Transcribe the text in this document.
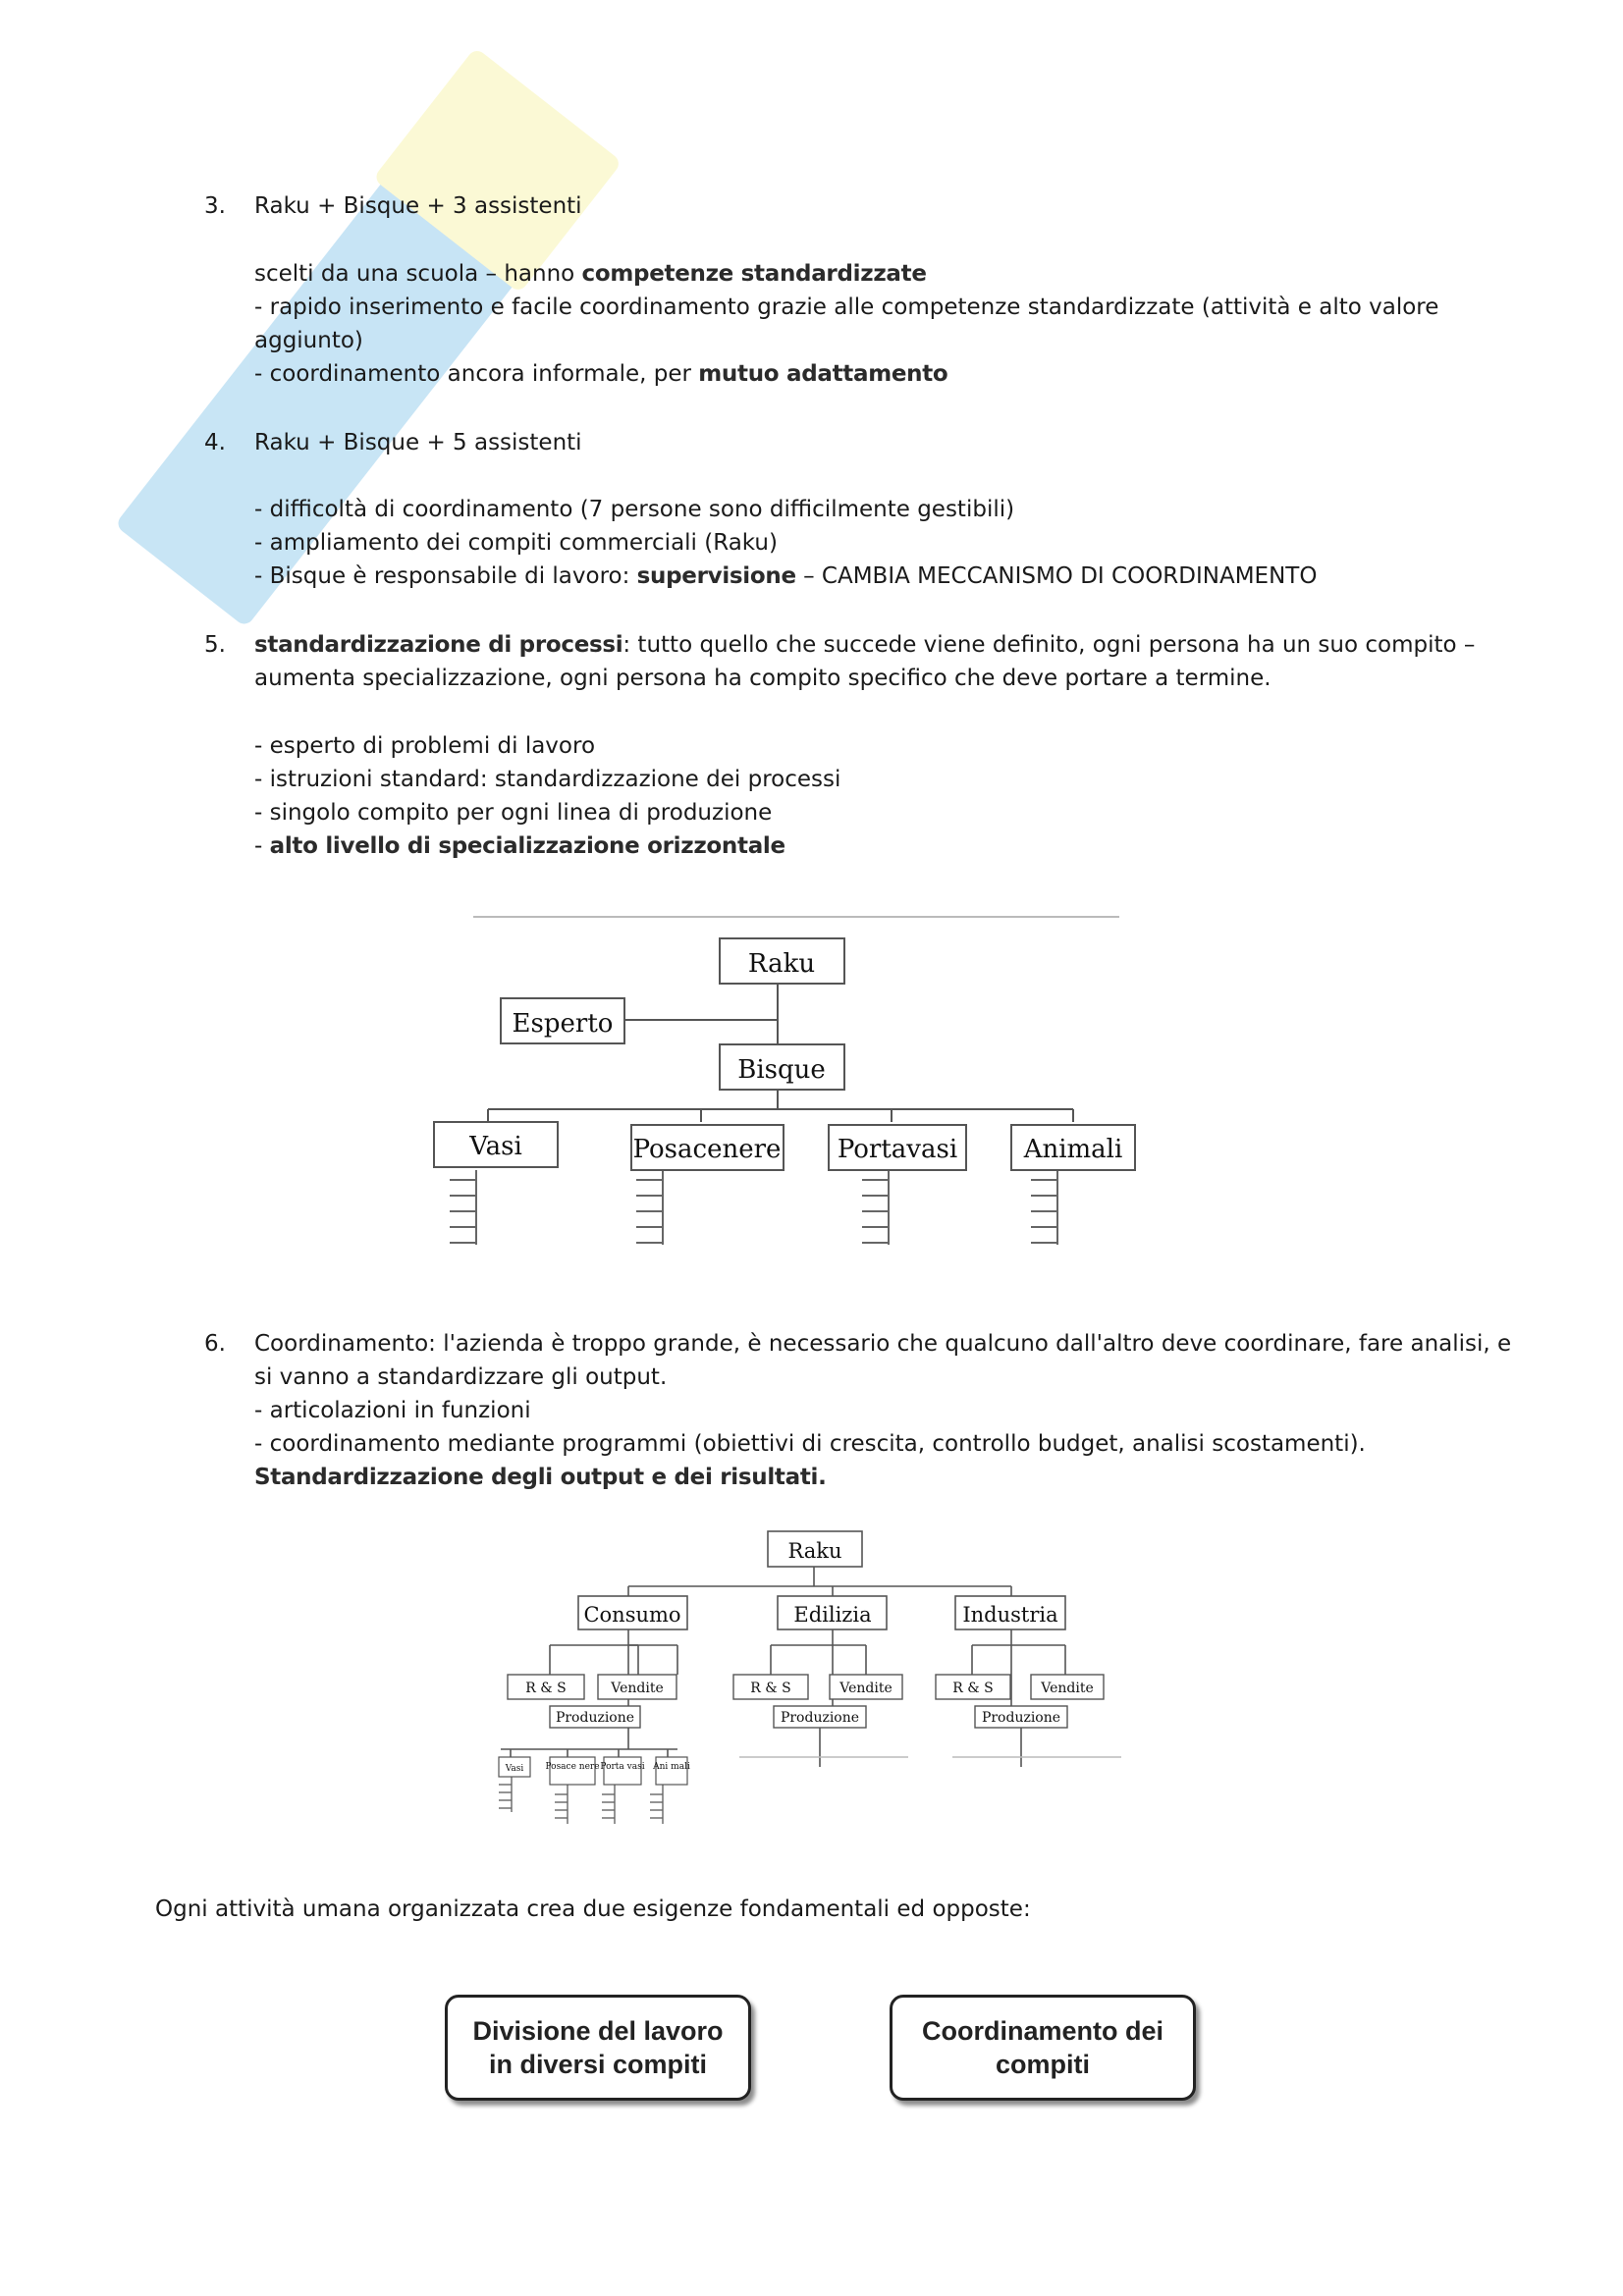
3. Raku + Bisque + 3 assistenti
scelti da una scuola – hanno competenze standardizzate
- rapido inserimento e facile coordinamento grazie alle competenze standardizzate (attività e alto valore
aggiunto)
- coordinamento ancora informale, per mutuo adattamento
4. Raku + Bisque + 5 assistenti
- difficoltà di coordinamento (7 persone sono difficilmente gestibili)
- ampliamento dei compiti commerciali (Raku)
- Bisque è responsabile di lavoro: supervisione – CAMBIA MECCANISMO DI COORDINAMENTO
5. standardizzazione di processi: tutto quello che succede viene definito, ogni persona ha un suo compito –
aumenta specializzazione, ogni persona ha compito specifico che deve portare a termine.
- esperto di problemi di lavoro
- istruzioni standard: standardizzazione dei processi
- singolo compito per ogni linea di produzione
- alto livello di specializzazione orizzontale
Raku
Esperto
Bisque
Vasi	Posacenere Portavasi	Animali
6. Coordinamento: l'azienda è troppo grande, è necessario che qualcuno dall'altro deve coordinare, fare analisi, e
si vanno a standardizzare gli output.
- articolazioni in funzioni
- coordinamento mediante programmi (obiettivi di crescita, controllo budget, analisi scostamenti).
Standardizzazione degli output e dei risultati.
Raku
Consumo	Edilizia	Industria
R & S	Vendite
Produzione
Vasi Posace nere Porta vasi Ani mali
R & S	Vendite
Produzione
R & S	Vendite
Produzione
Ogni attività umana organizzata crea due esigenze fondamentali ed opposte:
Divisione del lavoro
in diversi compiti
Coordinamento dei
compiti
